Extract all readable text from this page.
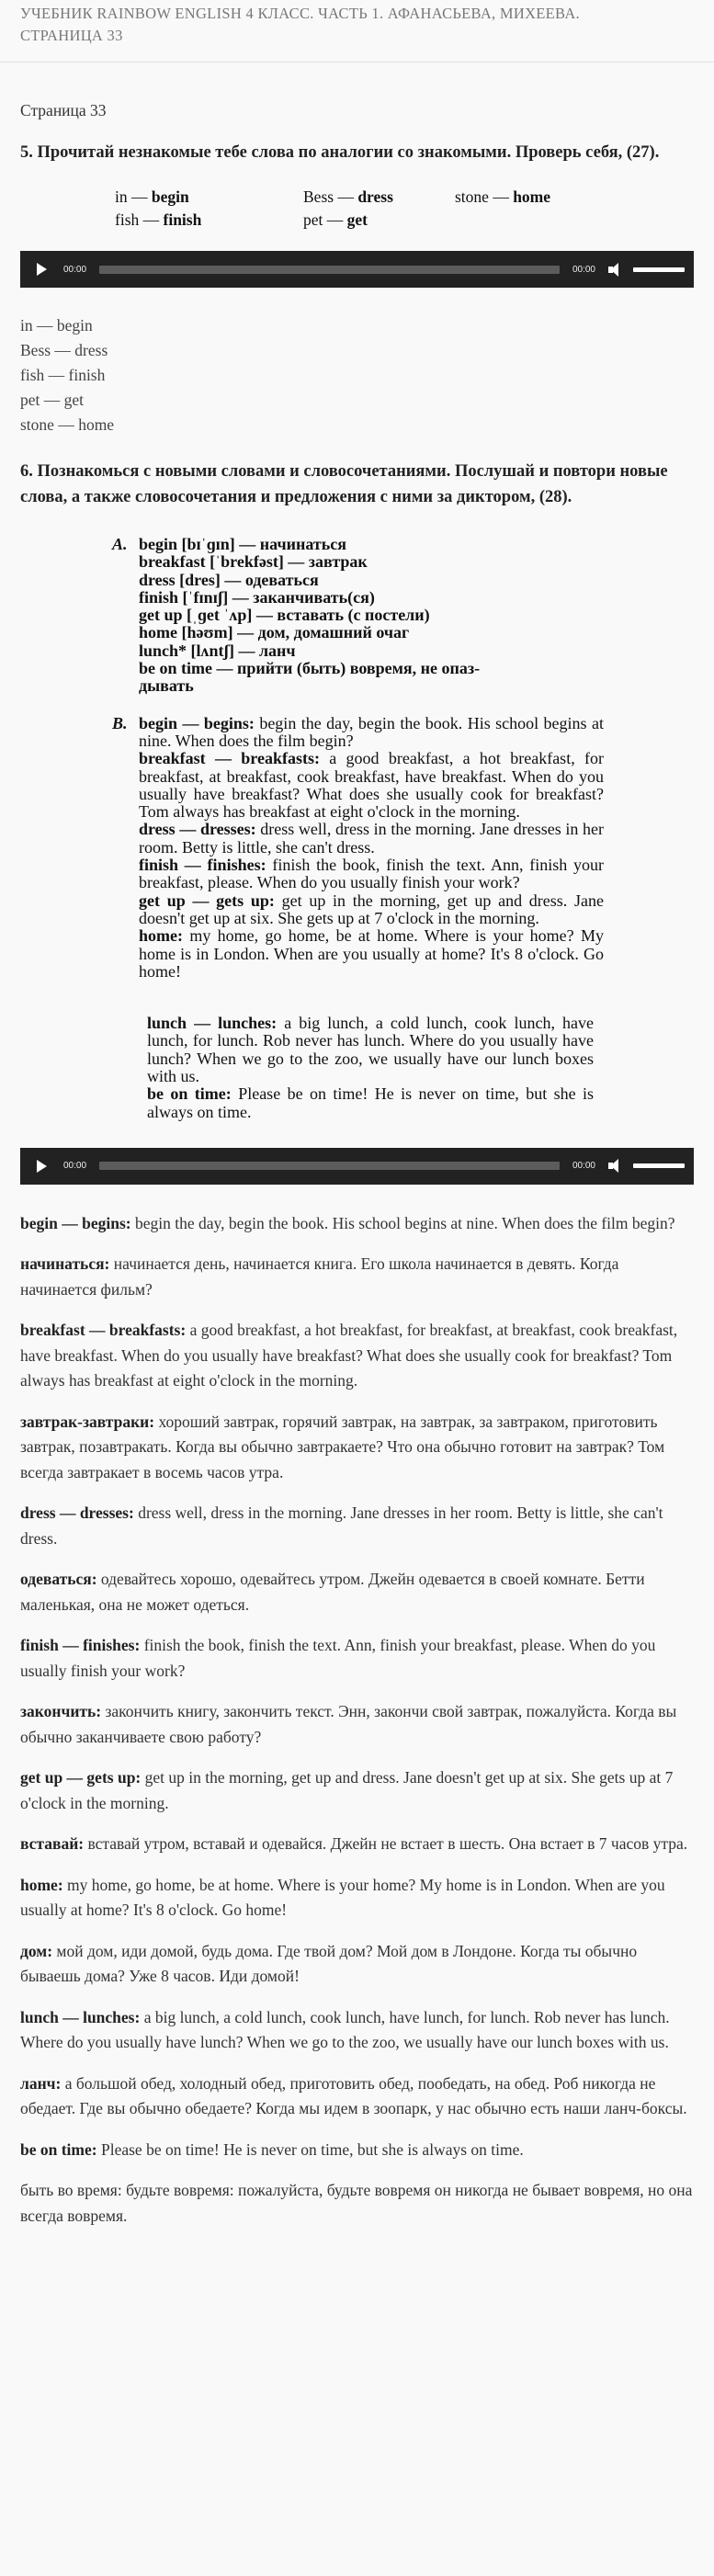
УЧЕБНИК RAINBOW ENGLISH 4 КЛАСС. ЧАСТЬ 1. АФАНАСЬЕВА, МИХЕЕВА.
СТРАНИЦА 33

Страница 33

5. Прочитай незнакомые тебе слова по аналогии со знакомыми. Проверь себя, (27).

in — begin	Bess — dress	stone — home
fish — finish	pet — get
00:00	00:00
in — begin
Bess — dress
fish — finish
pet — get
stone — home

6. Познакомься с новыми словами и словосочетаниями. Послушай и повтори новые слова, а также словосочетания и предложения с ними за диктором, (28).

A. begin [bɪˈɡɪn] — начинаться
breakfast [ˈbrekfəst] — завтрак
dress [dres] — одеваться
finish [ˈfɪnɪʃ] — заканчивать(ся)
get up [ˌɡet ˈʌp] — вставать (с постели)
home [həʊm] — дом, домашний очаг
lunch* [lʌntʃ] — ланч
be on time — прийти (быть) вовремя, не опаз-
дывать
B. begin — begins: begin the day, begin the book. His school begins at nine. When does the film begin?
breakfast — breakfasts: a good breakfast, a hot breakfast, for breakfast, at breakfast, cook breakfast, have breakfast. When do you usually have breakfast? What does she usually cook for breakfast? Tom always has breakfast at eight o'clock in the morning.
dress — dresses: dress well, dress in the morning. Jane dresses in her room. Betty is little, she can't dress.
finish — finishes: finish the book, finish the text. Ann, finish your breakfast, please. When do you usually finish your work?
get up — gets up: get up in the morning, get up and dress. Jane doesn't get up at six. She gets up at 7 o'clock in the morning.
home: my home, go home, be at home. Where is your home? My home is in London. When are you usually at home? It's 8 o'clock. Go home!
lunch — lunches: a big lunch, a cold lunch, cook lunch, have lunch, for lunch. Rob never has lunch. Where do you usually have lunch? When we go to the zoo, we usually have our lunch boxes with us.
be on time: Please be on time! He is never on time, but she is always on time.
00:00	00:00

begin — begins: begin the day, begin the book. His school begins at nine. When does the film begin?

начинаться: начинается день, начинается книга. Его школа начинается в девять. Когда начинается фильм?

breakfast — breakfasts: a good breakfast, a hot breakfast, for breakfast, at breakfast, cook breakfast, have breakfast. When do you usually have breakfast? What does she usually cook for breakfast? Tom always has breakfast at eight o'clock in the morning.

завтрак-завтраки: хороший завтрак, горячий завтрак, на завтрак, за завтраком, приготовить завтрак, позавтракать. Когда вы обычно завтракаете? Что она обычно готовит на завтрак? Том всегда завтракает в восемь часов утра.

dress — dresses: dress well, dress in the morning. Jane dresses in her room. Betty is little, she can't dress.

одеваться: одевайтесь хорошо, одевайтесь утром. Джейн одевается в своей комнате. Бетти маленькая, она не может одеться.

finish — finishes: finish the book, finish the text. Ann, finish your breakfast, please. When do you usually finish your work?

закончить: закончить книгу, закончить текст. Энн, закончи свой завтрак, пожалуйста. Когда вы обычно заканчиваете свою работу?

get up — gets up: get up in the morning, get up and dress. Jane doesn't get up at six. She gets up at 7 o'clock in the morning.

вставай: вставай утром, вставай и одевайся. Джейн не встает в шесть. Она встает в 7 часов утра.

home: my home, go home, be at home. Where is your home? My home is in London. When are you usually at home? It's 8 o'clock. Go home!

дом: мой дом, иди домой, будь дома. Где твой дом? Мой дом в Лондоне. Когда ты обычно бываешь дома? Уже 8 часов. Иди домой!

lunch — lunches: a big lunch, a cold lunch, cook lunch, have lunch, for lunch. Rob never has lunch. Where do you usually have lunch? When we go to the zoo, we usually have our lunch boxes with us.

ланч: а большой обед, холодный обед, приготовить обед, пообедать, на обед. Роб никогда не обедает. Где вы обычно обедаете? Когда мы идем в зоопарк, у нас обычно есть наши ланч-боксы.

be on time: Please be on time! He is never on time, but she is always on time.

быть во время: будьте вовремя: пожалуйста, будьте вовремя он никогда не бывает вовремя, но она всегда вовремя.
